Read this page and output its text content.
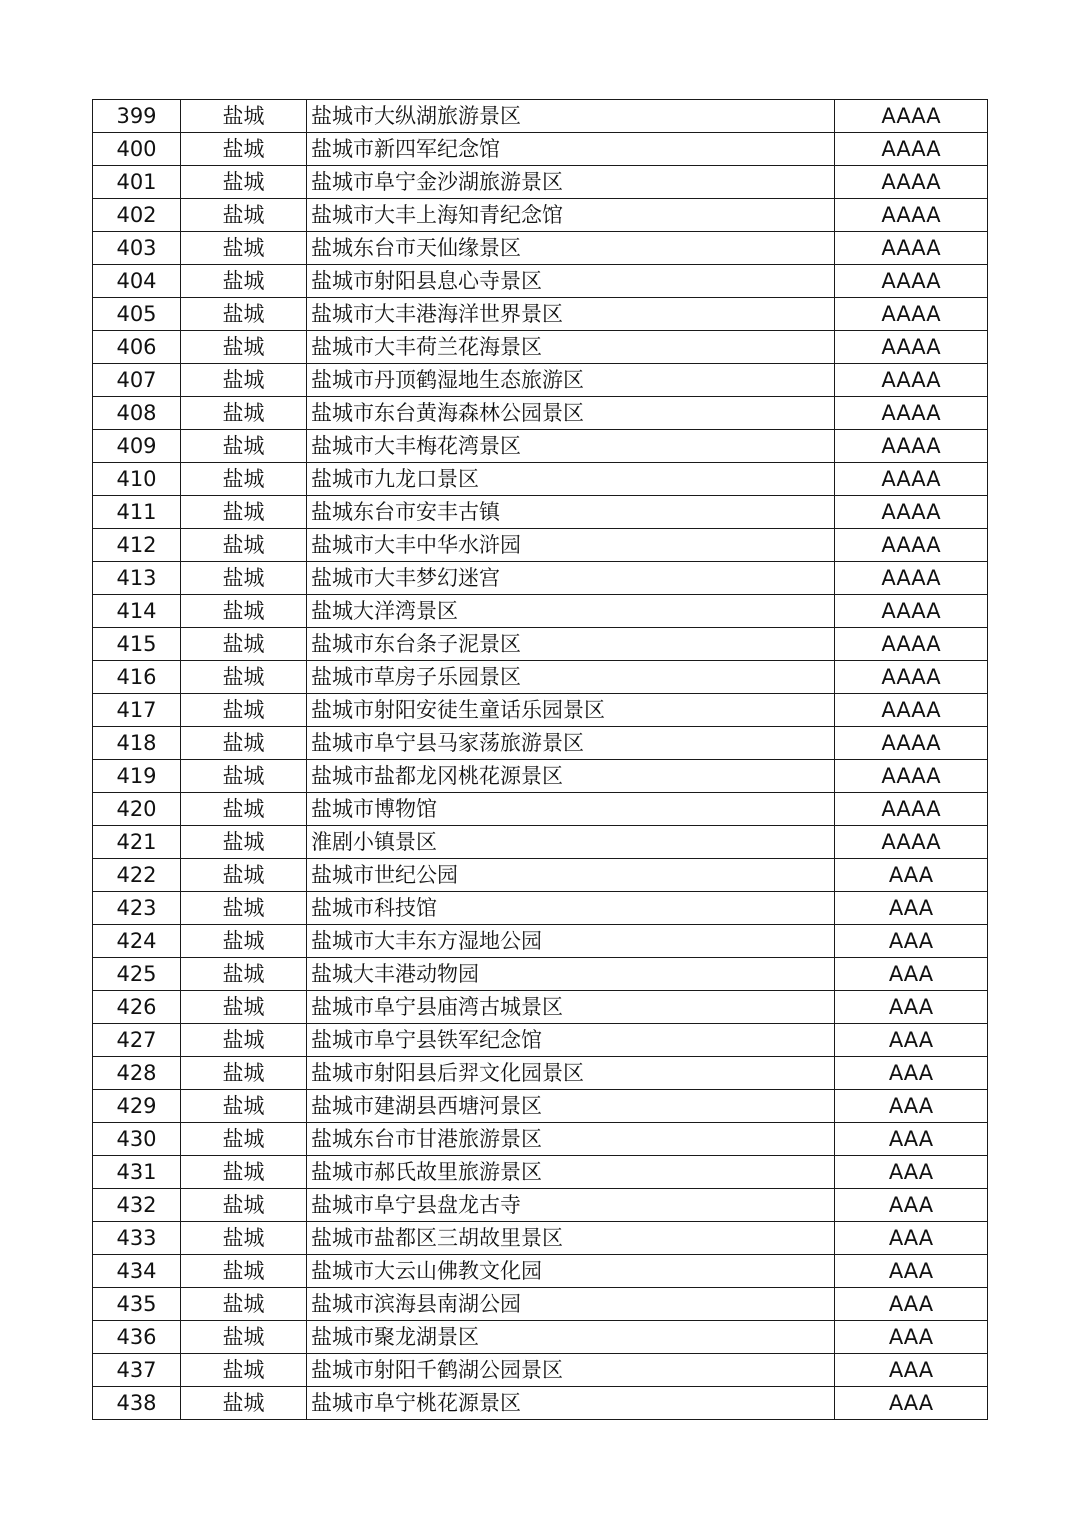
399	盐城	盐城市大纵湖旅游景区	AAAA
400	盐城	盐城市新四军纪念馆	AAAA
401	盐城	盐城市阜宁金沙湖旅游景区	AAAA
402	盐城	盐城市大丰上海知青纪念馆	AAAA
403	盐城	盐城东台市天仙缘景区	AAAA
404	盐城	盐城市射阳县息心寺景区	AAAA
405	盐城	盐城市大丰港海洋世界景区	AAAA
406	盐城	盐城市大丰荷兰花海景区	AAAA
407	盐城	盐城市丹顶鹤湿地生态旅游区	AAAA
408	盐城	盐城市东台黄海森林公园景区	AAAA
409	盐城	盐城市大丰梅花湾景区	AAAA
410	盐城	盐城市九龙口景区	AAAA
411	盐城	盐城东台市安丰古镇	AAAA
412	盐城	盐城市大丰中华水浒园	AAAA
413	盐城	盐城市大丰梦幻迷宫	AAAA
414	盐城	盐城大洋湾景区	AAAA
415	盐城	盐城市东台条子泥景区	AAAA
416	盐城	盐城市草房子乐园景区	AAAA
417	盐城	盐城市射阳安徒生童话乐园景区	AAAA
418	盐城	盐城市阜宁县马家荡旅游景区	AAAA
419	盐城	盐城市盐都龙冈桃花源景区	AAAA
420	盐城	盐城市博物馆	AAAA
421	盐城	淮剧小镇景区	AAAA
422	盐城	盐城市世纪公园	AAA
423	盐城	盐城市科技馆	AAA
424	盐城	盐城市大丰东方湿地公园	AAA
425	盐城	盐城大丰港动物园	AAA
426	盐城	盐城市阜宁县庙湾古城景区	AAA
427	盐城	盐城市阜宁县铁军纪念馆	AAA
428	盐城	盐城市射阳县后羿文化园景区	AAA
429	盐城	盐城市建湖县西塘河景区	AAA
430	盐城	盐城东台市甘港旅游景区	AAA
431	盐城	盐城市郝氏故里旅游景区	AAA
432	盐城	盐城市阜宁县盘龙古寺	AAA
433	盐城	盐城市盐都区三胡故里景区	AAA
434	盐城	盐城市大云山佛教文化园	AAA
435	盐城	盐城市滨海县南湖公园	AAA
436	盐城	盐城市聚龙湖景区	AAA
437	盐城	盐城市射阳千鹤湖公园景区	AAA
438	盐城	盐城市阜宁桃花源景区	AAA
